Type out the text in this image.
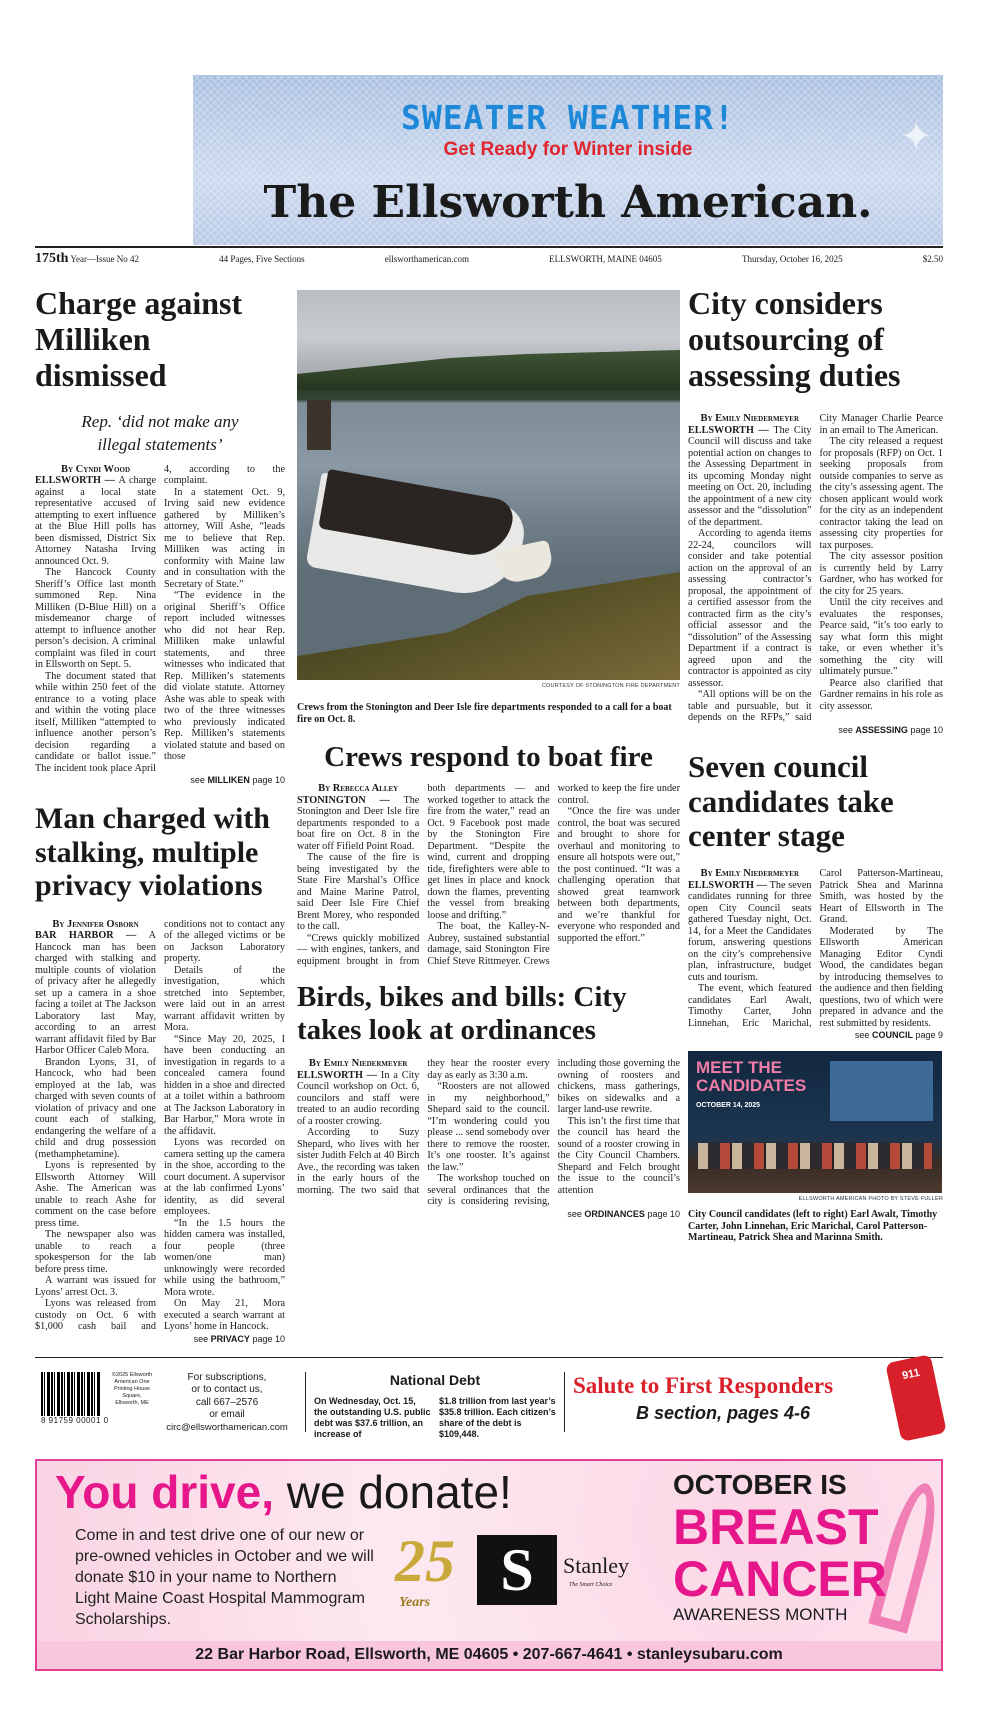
SWEATER WEATHER!
Get Ready for Winter inside	✦
The Ellsworth American.
175th Year—Issue No 42	44 Pages, Five Sections	ellsworthamerican.com	ELLSWORTH, MAINE 04605	Thursday, October 16, 2025	$2.50
Charge against Milliken dismissed
Rep. ‘did not make any illegal statements’
By Cyndi Wood

ELLSWORTH — A charge against a local state representative accused of attempting to exert influence at the Blue Hill polls has been dismissed, District Six Attorney Natasha Irving announced Oct. 9.

The Hancock County Sheriff’s Office last month summoned Rep. Nina Milliken (D-Blue Hill) on a misdemeanor charge of attempt to influence another person’s decision. A criminal complaint was filed in court in Ellsworth on Sept. 5.

The document stated that while within 250 feet of the entrance to a voting place and within the voting place itself, Milliken “attempted to influence another person’s decision regarding a candidate or ballot issue.” The incident took place April 4, according to the complaint.

In a statement Oct. 9, Irving said new evidence gathered by Milliken’s attorney, Will Ashe, “leads me to believe that Rep. Milliken was acting in conformity with Maine law and in consultation with the Secretary of State.”

“The evidence in the original Sheriff’s Office report included witnesses who did not hear Rep. Milliken make unlawful statements, and three witnesses who indicated that Rep. Milliken’s statements did violate statute. Attorney Ashe was able to speak with two of the three witnesses who previously indicated Rep. Milliken’s statements violated statute and based on those

see MILLIKEN page 10
Man charged with stalking, multiple privacy violations
By Jennifer Osborn

BAR HARBOR — A Hancock man has been charged with stalking and multiple counts of violation of privacy after he allegedly set up a camera in a shoe facing a toilet at The Jackson Laboratory last May, according to an arrest warrant affidavit filed by Bar Harbor Officer Caleb Mora.

Brandon Lyons, 31, of Hancock, who had been employed at the lab, was charged with seven counts of violation of privacy and one count each of stalking, endangering the welfare of a child and drug possession (methamphetamine).

Lyons is represented by Ellsworth Attorney Will Ashe. The American was unable to reach Ashe for comment on the case before press time.

The newspaper also was unable to reach a spokesperson for the lab before press time.

A warrant was issued for Lyons’ arrest Oct. 3.

Lyons was released from custody on Oct. 6 with $1,000 cash bail and conditions not to contact any of the alleged victims or be on Jackson Laboratory property.

Details of the investigation, which stretched into September, were laid out in an arrest warrant affidavit written by Mora.

“Since May 20, 2025, I have been conducting an investigation in regards to a concealed camera found hidden in a shoe and directed at a toilet within a bathroom at The Jackson Laboratory in Bar Harbor,” Mora wrote in the affidavit.

Lyons was recorded on camera setting up the camera in the shoe, according to the court document. A supervisor at the lab confirmed Lyons’ identity, as did several employees.

“In the 1.5 hours the hidden camera was installed, four people (three women/one man) unknowingly were recorded while using the bathroom,” Mora wrote.

On May 21, Mora executed a search warrant at Lyons’ home in Hancock.

see PRIVACY page 10
COURTESY OF STONINGTON FIRE DEPARTMENT
Crews from the Stonington and Deer Isle fire departments responded to a call for a boat fire on Oct. 8.
Crews respond to boat fire
By Rebecca Alley

STONINGTON — The Stonington and Deer Isle fire departments responded to a boat fire on Oct. 8 in the water off Fifield Point Road.

The cause of the fire is being investigated by the State Fire Marshal’s Office and Maine Marine Patrol, said Deer Isle Fire Chief Brent Morey, who responded to the call.

“Crews quickly mobilized — with engines, tankers, and equipment brought in from both departments — and worked together to attack the fire from the water,” read an Oct. 9 Facebook post made by the Stonington Fire Department. “Despite the wind, current and dropping tide, firefighters were able to get lines in place and knock down the flames, preventing the vessel from breaking loose and drifting.”

The boat, the Kalley-N-Aubrey, sustained substantial damage, said Stonington Fire Chief Steve Rittmeyer. Crews worked to keep the fire under control.

“Once the fire was under control, the boat was secured and brought to shore for overhaul and monitoring to ensure all hotspots were out,” the post continued. “It was a challenging operation that showed great teamwork between both departments, and we’re thankful for everyone who responded and supported the effort.”

Birds, bikes and bills: City takes look at ordinances
By Emily Niedermeyer

ELLSWORTH — In a City Council workshop on Oct. 6, councilors and staff were treated to an audio recording of a rooster crowing.

According to Suzy Shepard, who lives with her sister Judith Felch at 40 Birch Ave., the recording was taken in the early hours of the morning. The two said that they hear the rooster every day as early as 3:30 a.m.

“Roosters are not allowed in my neighborhood,” Shepard said to the council. “I’m wondering could you please ... send somebody over there to remove the rooster. It’s one rooster. It’s against the law.”

The workshop touched on several ordinances that the city is considering revising, including those governing the owning of roosters and chickens, mass gatherings, bikes on sidewalks and a larger land-use rewrite.

This isn’t the first time that the council has heard the sound of a rooster crowing in the City Council Chambers. Shepard and Felch brought the issue to the council’s attention

see ORDINANCES page 10
City considers outsourcing of assessing duties
By Emily Niedermeyer

ELLSWORTH — The City Council will discuss and take potential action on changes to the Assessing Department in its upcoming Monday night meeting on Oct. 20, including the appointment of a new city assessor and the “dissolution” of the department.

According to agenda items 22-24, councilors will consider and take potential action on the approval of an assessing contractor’s proposal, the appointment of a certified assessor from the contracted firm as the city’s official assessor and the “dissolution” of the Assessing Department if a contract is agreed upon and the contractor is appointed as city assessor.

“All options will be on the table and pursuable, but it depends on the RFPs,” said City Manager Charlie Pearce in an email to The American.

The city released a request for proposals (RFP) on Oct. 1 seeking proposals from outside companies to serve as the city’s assessing agent. The chosen applicant would work for the city as an independent contractor taking the lead on assessing city properties for tax purposes.

The city assessor position is currently held by Larry Gardner, who has worked for the city for 25 years.

Until the city receives and evaluates the responses, Pearce said, “it’s too early to say what form this might take, or even whether it’s something the city will ultimately pursue.”

Pearce also clarified that Gardner remains in his role as city assessor.

see ASSESSING page 10
Seven council candidates take center stage
By Emily Niedermeyer

ELLSWORTH — The seven candidates running for three open City Council seats gathered Tuesday night, Oct. 14, for a Meet the Candidates forum, answering questions on the city’s comprehensive plan, infrastructure, budget cuts and tourism.

The event, which featured candidates Earl Awalt, Timothy Carter, John Linnehan, Eric Marichal, Carol Patterson-Martineau, Patrick Shea and Marinna Smith, was hosted by the Heart of Ellsworth in The Grand.

Moderated by The Ellsworth American Managing Editor Cyndi Wood, the candidates began by introducing themselves to the audience and then fielding questions, two of which were prepared in advance and the rest submitted by residents.

see COUNCIL page 9
MEET THE CANDIDATES
OCTOBER 14, 2025
ELLSWORTH AMERICAN PHOTO BY STEVE FULLER
City Council candidates (left to right) Earl Awalt, Timothy Carter, John Linnehan, Eric Marichal, Carol Patterson-Martineau, Patrick Shea and Marinna Smith.
8 91759 00001 0
©2025 Ellsworth American One Printing House Square, Ellsworth, ME
For subscriptions,
or to contact us,
call 667–2576
or email
circ@ellsworthamerican.com
National Debt
On Wednesday, Oct. 15, the outstanding U.S. public debt was $37.6 trillion, an increase of
$1.8 trillion from last year’s $35.8 trillion. Each citizen’s share of the debt is $109,448.
Salute to First Responders
B section, pages 4-6
911
You drive, we donate!
Come in and test drive one of our new or pre-owned vehicles in October and we will donate $10 in your name to Northern Light Maine Coast Hospital Mammogram Scholarships.
25
Years	S	Stanley
The Smart Choice
OCTOBER IS
BREAST
CANCER
AWARENESS MONTH
22 Bar Harbor Road, Ellsworth, ME 04605 • 207-667-4641 • stanleysubaru.com
